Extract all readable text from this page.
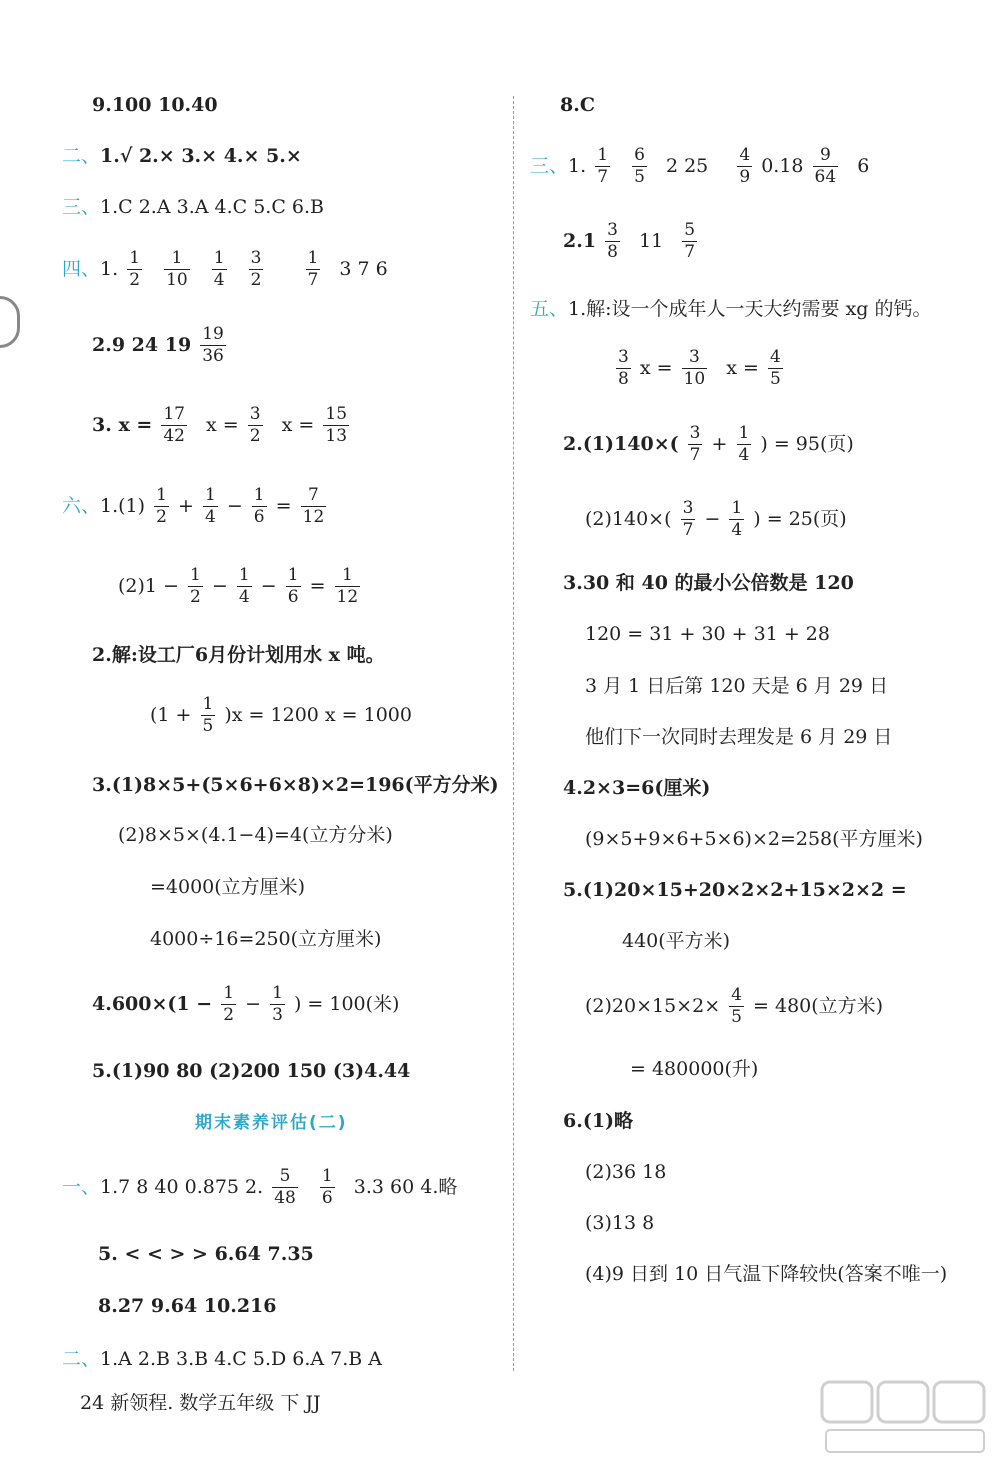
9.100 10.40
二、1.√ 2.× 3.× 4.× 5.×
三、1.C 2.A 3.A 4.C 5.C 6.B
四、1. $\frac{1}{2}$
$\frac{1}{10}$
$\frac{1}{4}$
$\frac{3}{2}$
$\frac{1}{7} 3$ 7 6
2.9 24 $19 \frac{19}{36}$
3. $x = \frac{17}{42}$ $x = \frac{3}{2}$ $x = \frac{15}{13}$
六、$1.(1) \frac{1}{2} + \frac{1}{4} - \frac{1}{6} = \frac{7}{12}$
$(2)1 - \frac{1}{2} - \frac{1}{4} - \frac{1}{6} = \frac{1}{12}$
2.解:设工厂6月份计划用水 x 吨。
$(1 + \frac{1}{5} )x = 1200$ x = 1000
3.(1)8×5+(5×6+6×8)×2=196(平方分米)
(2)8×5×(4.1−4)=4(立方分米)
=4000(立方厘米)
4000÷16=250(立方厘米)
$4.600\times(1 - \frac{1}{2} - \frac{1}{3}$ ) = 100(米)
5.(1)90 80 (2)200 150 (3)4.44
期末素养评估(二)
一、1.7 8 40 0.875 2. $\frac{5}{48}$
$\frac{1}{6} 3.3$ 60 4.略
5. < < > > 6.64 7.35
8.27 9.64 10.216
二、1.A 2.B 3.B 4.C 5.D 6.A 7.B A
8.C
三、1. $\frac{1}{7}$
$\frac{6}{5} 2$ $25 \frac{4}{9} 0.18 \frac{9}{64} 6$
$2.1 \frac{3}{8} 11 \frac{5}{7}$
五、1.解:设一个成年人一天大约需要 xg 的钙。
$\frac{3}{8}$ $x = \frac{3}{10}$ $x = \frac{4}{5}$
$2.(1)140\times( \frac{3}{7} + \frac{1}{4}$ ) = 95(页)
$(2)140\times( \frac{3}{7} - \frac{1}{4}$ ) = 25(页)
3.30 和 40 的最小公倍数是 120
120 = 31 + 30 + 31 + 28
3 月 1 日后第 120 天是 6 月 29 日
他们下一次同时去理发是 6 月 29 日
4.2×3=6(厘米)
(9×5+9×6+5×6)×2=258(平方厘米)
5.(1)20×15+20×2×2+15×2×2 =
440(平方米)
$(2)20\times 15\times 2\times \frac{4}{5} = 480$(立方米)
= 480000(升)
6.(1)略
(2)36 18
(3)13 8
(4)9 日到 10 日气温下降较快(答案不唯一)
24 新领程. 数学五年级 下 JJ
